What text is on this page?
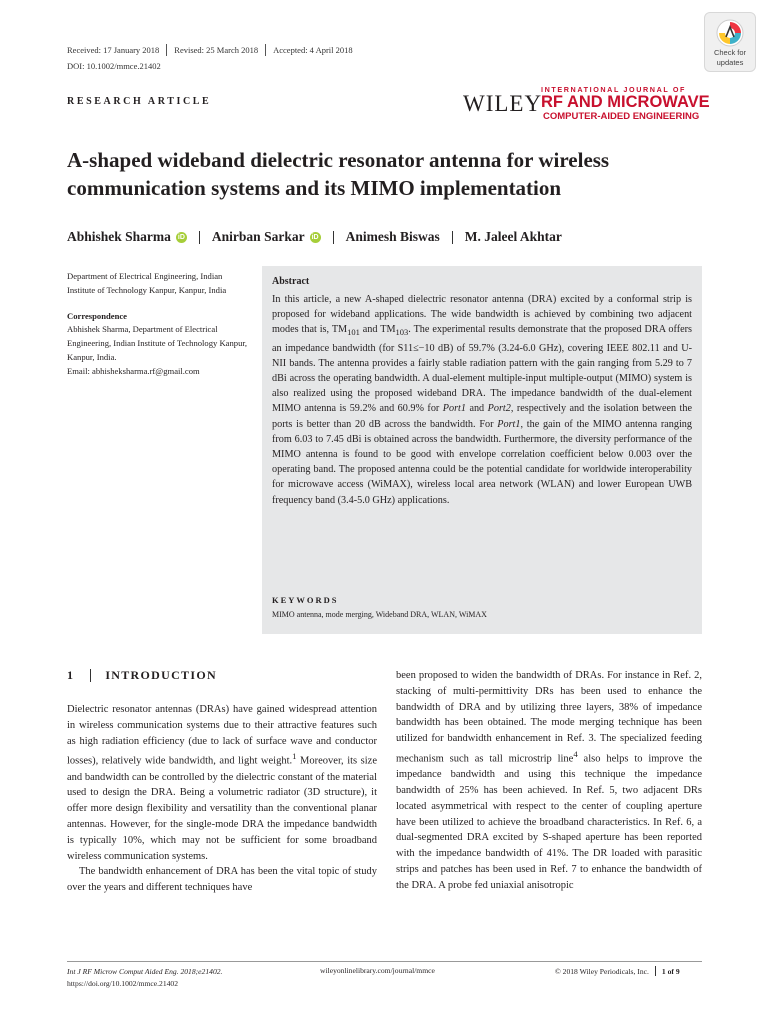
Received: 17 January 2018 Revised: 25 March 2018 Accepted: 4 April 2018
DOI: 10.1002/mmce.21402
Check for
updates
RESEARCH ARTICLE	WILEY
INTERNATIONAL JOURNAL OF
RF AND MICROWAVE
COMPUTER-AIDED ENGINEERING
A-shaped wideband dielectric resonator antenna for wireless communication systems and its MIMO implementation
Abhishek Sharma iD Anirban Sarkar iD Animesh Biswas M. Jaleel Akhtar
Department of Electrical Engineering, Indian Institute of Technology Kanpur, Kanpur, India
Correspondence
Abhishek Sharma, Department of Electrical Engineering, Indian Institute of Technology Kanpur, Kanpur, India.
Email: abhisheksharma.rf@gmail.com
Abstract
In this article, a new A-shaped dielectric resonator antenna (DRA) excited by a conformal strip is proposed for wideband applications. The wide bandwidth is achieved by combining two adjacent modes that is, $TM_{101}$ and $TM_{103}$. The experimental results demonstrate that the proposed DRA offers an impedance bandwidth (for S11≤−10 dB) of 59.7% (3.24-6.0 GHz), covering IEEE 802.11 and U-NII bands. The antenna provides a fairly stable radiation pattern with the gain ranging from 5.29 to 7 dBi across the operating bandwidth. A dual-element multiple-input multiple-output (MIMO) system is also realized using the proposed wideband DRA. The impedance bandwidth of the dual-element MIMO antenna is 59.2% and 60.9% for Port1 and Port2, respectively and the isolation between the ports is better than 20 dB across the bandwidth. For Port1, the gain of the MIMO antenna ranging from 6.03 to 7.45 dBi is obtained across the bandwidth. Furthermore, the diversity performance of the MIMO antenna is found to be good with envelope correlation coefficient below 0.003 over the operating band. The proposed antenna could be the potential candidate for worldwide interoperability for microwave access (WiMAX), wireless local area network (WLAN) and lower European UWB frequency band (3.4-5.0 GHz) applications.
KEYWORDS
MIMO antenna, mode merging, Wideband DRA, WLAN, WiMAX
1	INTRODUCTION

Dielectric resonator antennas (DRAs) have gained widespread attention in wireless communication systems due to their attractive features such as high radiation efficiency (due to lack of surface wave and conductor losses), relatively wide bandwidth, and light weight.$^1$ Moreover, its size and bandwidth can be controlled by the dielectric constant of the material used to design the DRA. Being a volumetric radiator (3D structure), it offer more design flexibility and versatility than the conventional planar antennas. However, for the single-mode DRA the impedance bandwidth is typically 10%, which may not be sufficient for some broadband wireless communication systems.

The bandwidth enhancement of DRA has been the vital topic of study over the years and different techniques have

been proposed to widen the bandwidth of DRAs. For instance in Ref. 2, stacking of multi-permittivity DRs has been used to enhance the bandwidth of DRA and by utilizing three layers, 38% of impedance bandwidth has been obtained. The mode merging technique has been utilized for bandwidth enhancement in Ref. 3. The specialized feeding mechanism such as tall microstrip line$^4$ also helps to improve the impedance bandwidth and using this technique the impedance bandwidth of 25% has been achieved. In Ref. 5, two adjacent DRs located asymmetrical with respect to the center of coupling aperture have been utilized to achieve the broadband characteristics. In Ref. 6, a dual-segmented DRA excited by S-shaped aperture has been reported with the impedance bandwidth of 41%. The DR loaded with parasitic strips and patches has been used in Ref. 7 to enhance the bandwidth of the DRA. A probe fed uniaxial anisotropic

Int J RF Microw Comput Aided Eng. 2018;e21402.
https://doi.org/10.1002/mmce.21402
wileyonlinelibrary.com/journal/mmce	© 2018 Wiley Periodicals, Inc. 1 of 9
